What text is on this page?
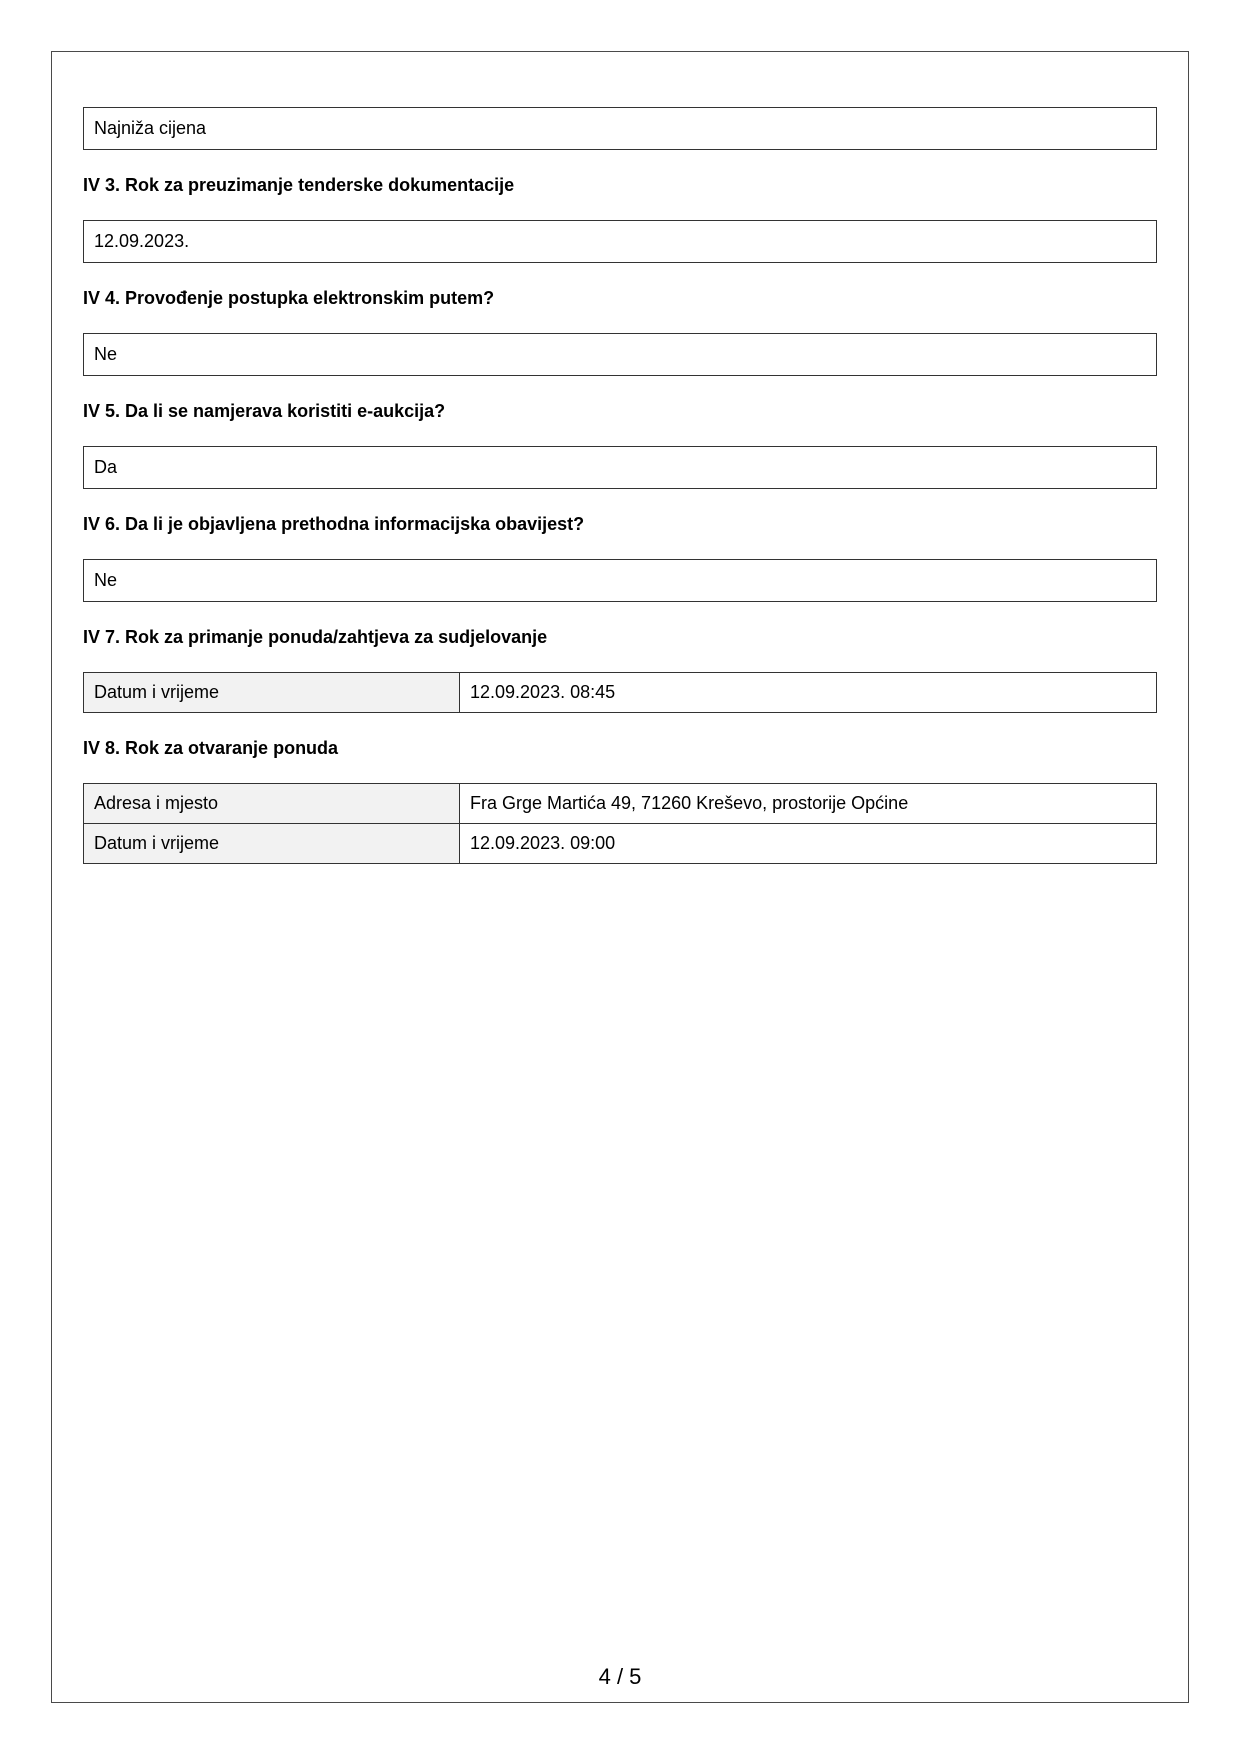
Najniža cijena
IV 3. Rok za preuzimanje tenderske dokumentacije
12.09.2023.
IV 4. Provođenje postupka elektronskim putem?
Ne
IV 5. Da li se namjerava koristiti e-aukcija?
Da
IV 6. Da li je objavljena prethodna informacijska obavijest?
Ne
IV 7. Rok za primanje ponuda/zahtjeva za sudjelovanje
Datum i vrijeme	12.09.2023. 08:45
IV 8. Rok za otvaranje ponuda
Adresa i mjesto	Fra Grge Martića 49, 71260 Kreševo, prostorije Općine
Datum i vrijeme	12.09.2023. 09:00
4 / 5
